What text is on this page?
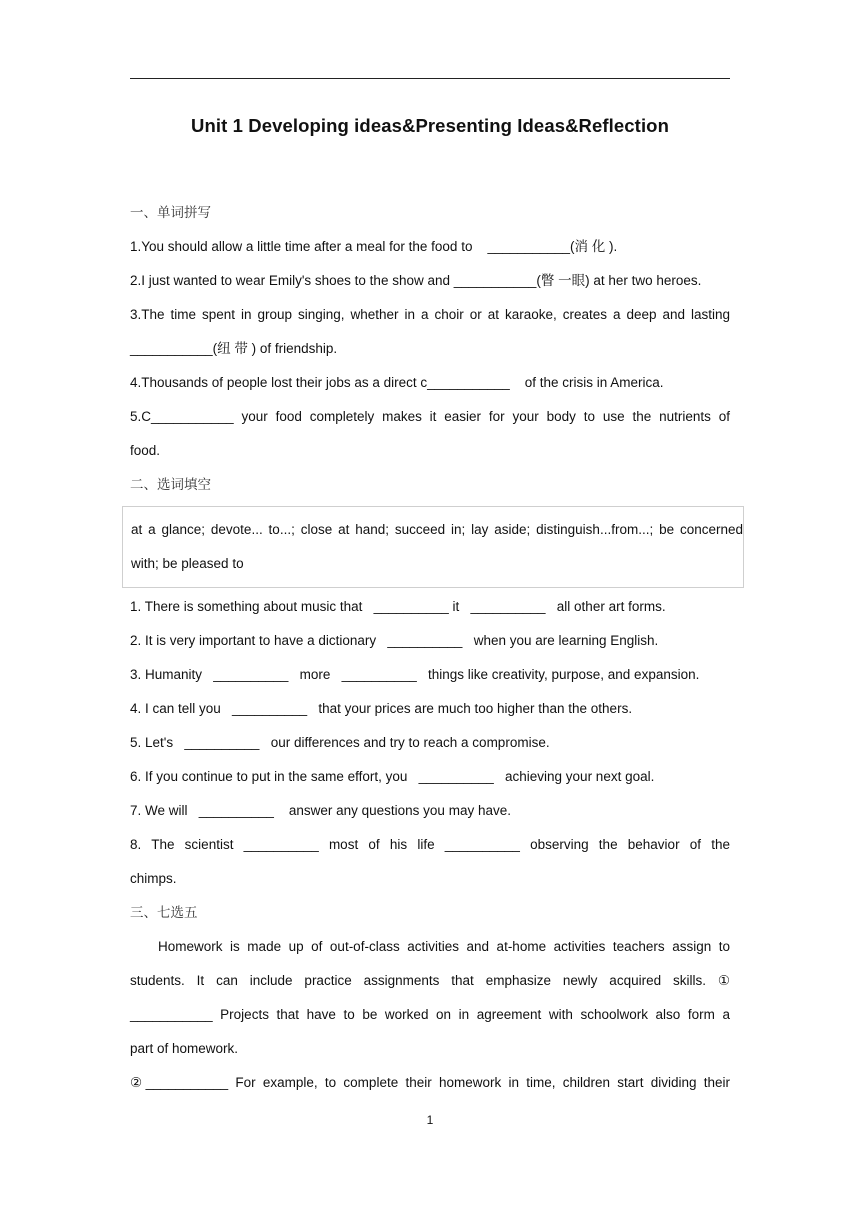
Unit 1 Developing ideas&Presenting Ideas&Reflection
一、单词拼写
1.You should allow a little time after a meal for the food to    ___________(消 化 ).
2.I just wanted to wear Emily's shoes to the show and ___________(瞥 一眼) at her two heroes.
3.The time spent in group singing, whether in a choir or at karaoke, creates a deep and lasting
___________(纽 带 ) of friendship.
4.Thousands of people lost their jobs as a direct c___________    of the crisis in America.
5.C___________ your food completely makes it easier for your body to use the nutrients of
food.
二、选词填空
at a glance; devote... to...; close at hand; succeed in; lay aside; distinguish...from...; be concerned
with; be pleased to
1. There is something about music that   __________ it   __________   all other art forms.
2. It is very important to have a dictionary   __________   when you are learning English.
3. Humanity   __________   more   __________   things like creativity, purpose, and expansion.
4. I can tell you   __________   that your prices are much too higher than the others.
5. Let's   __________   our differences and try to reach a compromise.
6. If you continue to put in the same effort, you   __________   achieving your next goal.
7. We will   __________    answer any questions you may have.
8. The scientist __________ most of his life __________ observing the behavior of the
chimps.
三、七选五
Homework is made up of out-of-class activities and at-home activities teachers assign to
students. It can include practice assignments that emphasize newly acquired skills. ①
___________ Projects that have to be worked on in agreement with schoolwork also form a
part of homework.
②___________ For example, to complete their homework in time, children start dividing their
1
